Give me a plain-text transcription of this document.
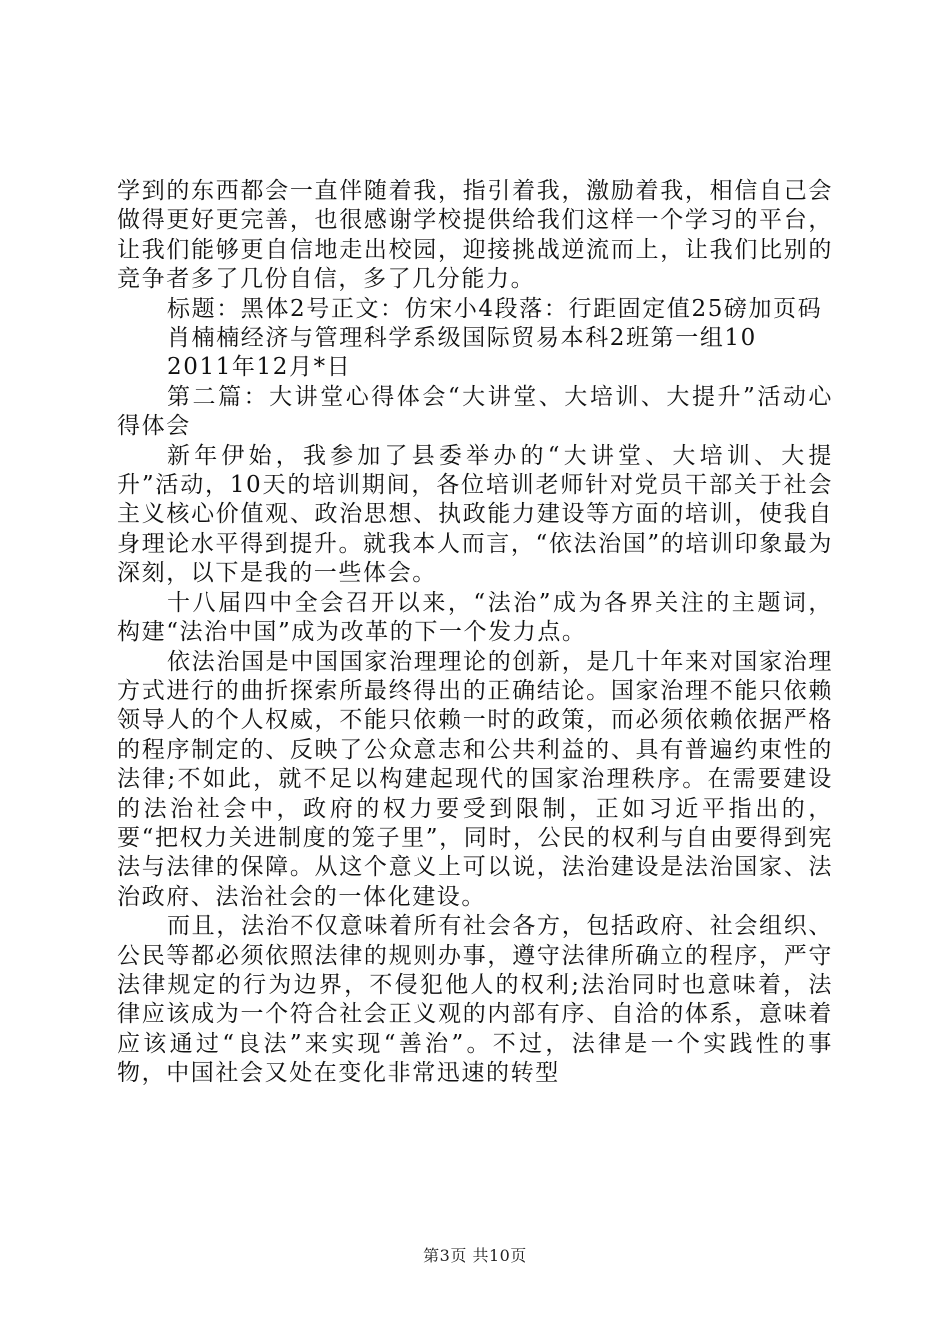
学到的东西都会一直伴随着我，指引着我，激励着我，相信自己会做得更好更完善，也很感谢学校提供给我们这样一个学习的平台，让我们能够更自信地走出校园，迎接挑战逆流而上，让我们比别的竞争者多了几份自信，多了几分能力。

标题：黑体2号正文：仿宋小4段落：行距固定值25磅加页码

肖楠楠经济与管理科学系级国际贸易本科2班第一组10

2011年12月*日

第二篇：大讲堂心得体会“大讲堂、大培训、大提升”活动心得体会

新年伊始，我参加了县委举办的“大讲堂、大培训、大提升”活动，10天的培训期间，各位培训老师针对党员干部关于社会主义核心价值观、政治思想、执政能力建设等方面的培训，使我自身理论水平得到提升。就我本人而言，“依法治国”的培训印象最为深刻，以下是我的一些体会。

十八届四中全会召开以来，“法治”成为各界关注的主题词，构建“法治中国”成为改革的下一个发力点。

依法治国是中国国家治理理论的创新，是几十年来对国家治理方式进行的曲折探索所最终得出的正确结论。国家治理不能只依赖领导人的个人权威，不能只依赖一时的政策，而必须依赖依据严格的程序制定的、反映了公众意志和公共利益的、具有普遍约束性的法律;不如此，就不足以构建起现代的国家治理秩序。在需要建设的法治社会中，政府的权力要受到限制，正如习近平指出的，要“把权力关进制度的笼子里”，同时，公民的权利与自由要得到宪法与法律的保障。从这个意义上可以说，法治建设是法治国家、法治政府、法治社会的一体化建设。

而且，法治不仅意味着所有社会各方，包括政府、社会组织、公民等都必须依照法律的规则办事，遵守法律所确立的程序，严守法律规定的行为边界，不侵犯他人的权利;法治同时也意味着，法律应该成为一个符合社会正义观的内部有序、自洽的体系，意味着应该通过“良法”来实现“善治”。不过，法律是一个实践性的事物，中国社会又处在变化非常迅速的转型

第3页 共10页
